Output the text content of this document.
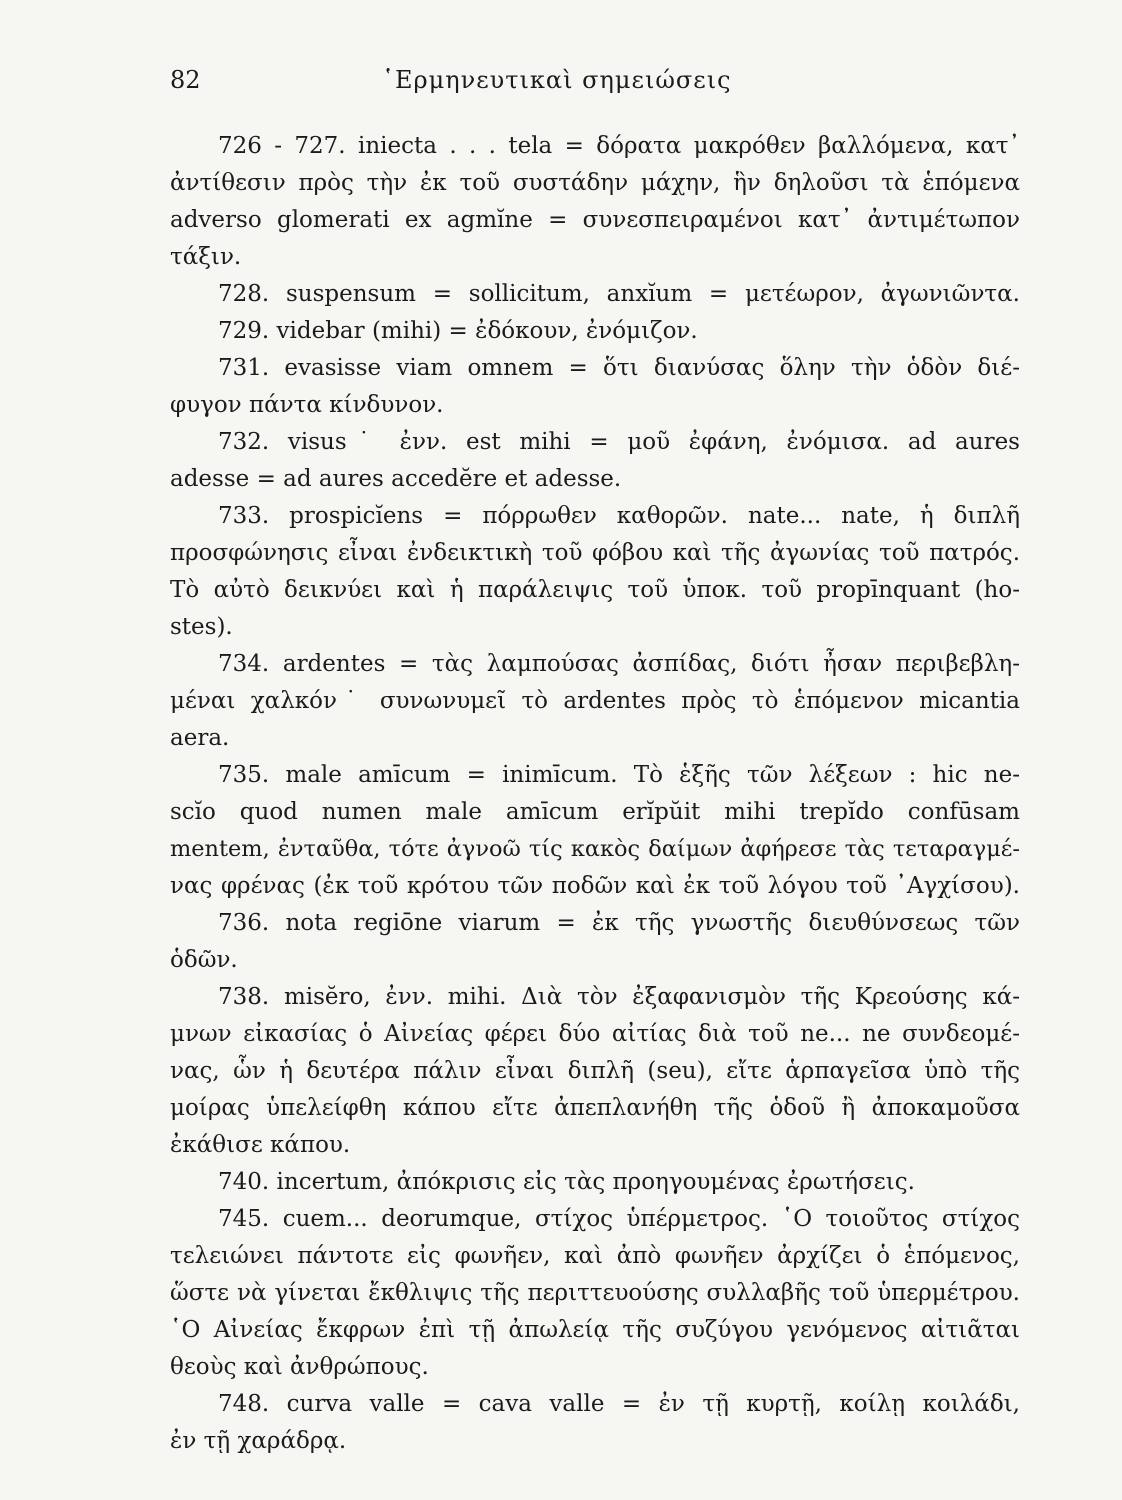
82	῾Ερμηνευτικαὶ σημειώσεις
726 - 727. iniecta . . . tela = δόρατα μακρόθεν βαλλόμενα, κατ᾽
ἀντίθεσιν πρὸς τὴν ἐκ τοῦ συστάδην μάχην, ἣν δηλοῦσι τὰ ἑπόμενα
adverso glomerati ex agmĭne = συνεσπειραμένοι κατ᾽ ἀντιμέτωπον
τάξιν.
728. suspensum = sollicitum, anxĭum = μετέωρον, ἀγωνιῶντα.
729. videbar (mihi) = ἐδόκουν, ἐνόμιζον.
731. evasisse viam omnem = ὅτι διανύσας ὅλην τὴν ὁδὸν διέ-
φυγον πάντα κίνδυνον.
732. visus˙ ἐνν. est mihi = μοῦ ἐφάνη, ἐνόμισα. ad aures
adesse = ad aures accedĕre et adesse.
733. prospicĭens = πόρρωθεν καθορῶν. nate... nate, ἡ διπλῆ
προσφώνησις εἶναι ἐνδεικτικὴ τοῦ φόβου καὶ τῆς ἀγωνίας τοῦ πατρός.
Τὸ αὐτὸ δεικνύει καὶ ἡ παράλειψις τοῦ ὑποκ. τοῦ propīnquant (ho-
stes).
734. ardentes = τὰς λαμπούσας ἀσπίδας, διότι ἦσαν περιβεβλη-
μέναι χαλκόν˙ συνωνυμεῖ τὸ ardentes πρὸς τὸ ἑπόμενον micantia
aera.
735. male amīcum = inimīcum. Τὸ ἑξῆς τῶν λέξεων : hic ne-
scĭo quod numen male amīcum erĭpŭit mihi trepĭdo confūsam
mentem, ἐνταῦθα, τότε ἀγνοῶ τίς κακὸς δαίμων ἀφήρεσε τὰς τεταραγμέ-
νας φρένας (ἐκ τοῦ κρότου τῶν ποδῶν καὶ ἐκ τοῦ λόγου τοῦ ᾽Αγχίσου).
736. nota regiōne viarum = ἐκ τῆς γνωστῆς διευθύνσεως τῶν
ὁδῶν.
738. misĕro, ἐνν. mihi. Διὰ τὸν ἐξαφανισμὸν τῆς Κρεούσης κά-
μνων εἰκασίας ὁ Αἰνείας φέρει δύο αἰτίας διὰ τοῦ ne... ne συνδεομέ-
νας, ὧν ἡ δευτέρα πάλιν εἶναι διπλῆ (seu), εἴτε ἁρπαγεῖσα ὑπὸ τῆς
μοίρας ὑπελείφθη κάπου εἴτε ἀπεπλανήθη τῆς ὁδοῦ ἢ ἀποκαμοῦσα
ἐκάθισε κάπου.
740. incertum, ἀπόκρισις εἰς τὰς προηγουμένας ἐρωτήσεις.
745. cuem... deorumque, στίχος ὑπέρμετρος. ῾Ο τοιοῦτος στίχος
τελειώνει πάντοτε εἰς φωνῆεν, καὶ ἀπὸ φωνῆεν ἀρχίζει ὁ ἑπόμενος,
ὥστε νὰ γίνεται ἔκθλιψις τῆς περιττευούσης συλλαβῆς τοῦ ὑπερμέτρου.
῾Ο Αἰνείας ἔκφρων ἐπὶ τῇ ἀπωλείᾳ τῆς συζύγου γενόμενος αἰτιᾶται
θεοὺς καὶ ἀνθρώπους.
748. curva valle = cava valle = ἐν τῇ κυρτῇ, κοίλῃ κοιλάδι,
ἐν τῇ χαράδρᾳ.
